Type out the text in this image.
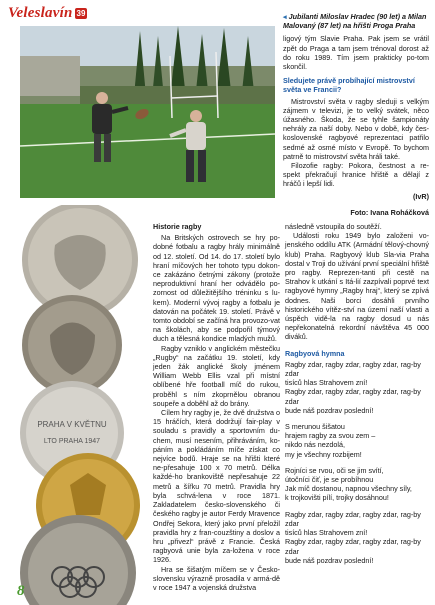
Veleslavín 39
PRAHA V KVĚTNU
LTO PRAHA 1947

◂ Jubilanti Miloslav Hradec (90 let) a Milan Malovaný (87 let) na hřišti Proga Praha

ligový tým Slavie Praha. Pak jsem se vrátil zpět do Praga a tam jsem trénoval dorost až do roku 1989. Tím jsem prakticky po-tom skončil.

Sledujete právě probíhající mistrovství světa ve Francii?

Mistrovství světa v ragby sleduji s velkým zájmem v televizi, je to velký svátek, něco úžasného. Škoda, že se tyhle šampionáty nehrály za naší doby. Nebo v době, kdy čes-koslovenské ragbyové reprezentaci patřilo sedmé až osmé místo v Evropě. To bychom patrně to mistrovství světa hráli také.

Filozofie ragby: Pokora, čestnost a re-spekt překračují hranice hřiště a dělají z hráčů i lepší lidi.

(IvR)

Foto: Ivana Roháčková

Historie ragby

Na Britských ostrovech se hry po-dobné fotbalu a ragby hrály minimálně od 12. století. Od 14. do 17. století bylo hraní míčových her tohoto typu dokon-ce zakázáno četnými zákony (protože neproduktivní hraní her odvádělo po-zornost od důležitějšího tréninku s lu-kem). Moderní vývoj ragby a fotbalu je datován na počátek 19. století. Právě v tomto období se začíná hra provozo-vat na školách, aby se podpořil týmový duch a tělesná kondice mladých mužů.

Ragby vzniklo v anglickém městečku „Rugby“ na začátku 19. století, kdy jeden žák anglické školy jménem William Webb Ellis vzal při místní oblíbené hře football míč do rukou, proběhl s ním zkoprnělou obranou soupeře a doběhl až do brány.

Cílem hry ragby je, že dvě družstva o 15 hráčích, která dodržují fair-play v souladu s pravidly a sportovním du-chem, musí nesením, přihráváním, ko-páním a pokládáním míče získat co nejvíce bodů. Hraje se na hřišti které ne-přesahuje 100 x 70 metrů. Délka každé-ho brankoviště nepřesahuje 22 metrů a šířku 70 metrů. Pravidla hry byla schvá-lena v roce 1871. Zakladatelem česko-slovenského či českého ragby je autor Ferdy Mravence Ondřej Sekora, který jako první přeložil pravidla hry z fran-couzštiny a doslov a hru „přivezl“ právě z Francie. Česká ragbyová unie byla za-ložena v roce 1926.

Hra se šišatým míčem se v Česko-slovensku výrazně prosadila v armá-dě v roce 1947 a vojenská družstva

následně vstoupila do soutěží.

Události roku 1949 bylo založeni vo-jenského oddílu ATK (Armádní tělový-chovný klub) Praha. Ragbyový klub Sla-via Praha dostal v Troji do užívání první speciální hřiště pro ragby. Reprezen-tanti při cestě na Strahov k utkání s Itá-lií zazpívali poprvé text ragbyové hymny „Ragby hraj“, který se zpívá dodnes. Naši borci dosáhli prvního historického vítěz-ství na území naší vlasti a úspěch vidě-la na ragby dosud u nás nepřekonatelná rekordní návštěva 45 000 diváků.

Ragbyová hymna

Ragby zdar, ragby zdar, ragby zdar, rag-by zdar
tisíců hlas Strahovem zní!
Ragby zdar, ragby zdar, ragby zdar, rag-by zdar
bude náš pozdrav poslední!
S merunou šišatou
hrajem ragby za svou zem –
nikdo nás nezdolá,
my je všechny rozbijem!
Rojníci se rvou, oči se jim svítí,
útočníci čiť, je se probíhnou
Jak míč dostanou, napnou všechny síly,
k trojkovišti pílí, trojky dosáhnou!
Ragby zdar, ragby zdar, ragby zdar, rag-by zdar
tisíců hlas Strahovem zní!
Ragby zdar, ragby zdar, ragby zdar, rag-by zdar
bude náš pozdrav poslední!
8
